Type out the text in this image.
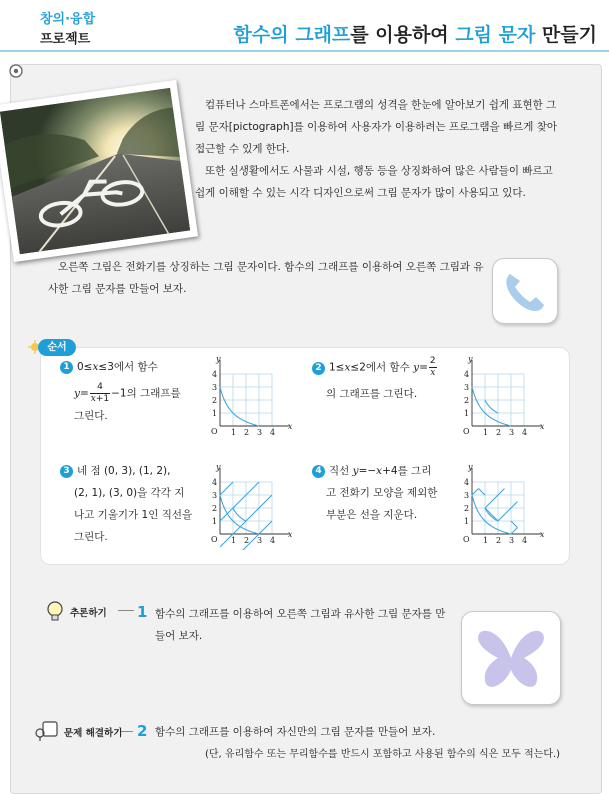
창의·융합
프로젝트	함수의 그래프를 이용하여 그림 문자 만들기

컴퓨터나 스마트폰에서는 프로그램의 성격을 한눈에 알아보기 쉽게 표현한 그림 문자[pictograph]를 이용하여 사용자가 이용하려는 프로그램을 빠르게 찾아 접근할 수 있게 한다.

또한 실생활에서도 사물과 시설, 행동 등을 상징화하여 많은 사람들이 빠르고 쉽게 이해할 수 있는 시각 디자인으로써 그림 문자가 많이 사용되고 있다.

오른쪽 그림은 전화기를 상징하는 그림 문자이다. 함수의 그래프를 이용하여 오른쪽 그림과 유사한 그림 문자를 만들어 보자.

순서
1 0≤x≤3에서 함수
$y= \frac{4}{x+1} -1$의 그래프를
그린다.
2 1≤x≤2에서 함수 $y= \frac{2}{x}$
의 그래프를 그린다.
3 네 점 (0, 3), (1, 2),
(2, 1), (3, 0)을 각각 지
나고 기울기가 1인 직선을
그린다.
4 직선 y=−x+4를 그리
고 전화기 모양을 제외한
부분은 선을 지운다.
O
x
y
1 2 3 4
1
2
3
4
O
x
y
1 2 3 4
1
2
3
4
O
x
y
1 2 3 4
1
2
3
4
O
x
y
1 2 3 4
1
2
3
4
추론하기 1 함수의 그래프를 이용하여 오른쪽 그림과 유사한 그림 문자를 만들어 보자.
문제 해결하기 2 함수의 그래프를 이용하여 자신만의 그림 문자를 만들어 보자.
(단, 유리함수 또는 무리함수를 반드시 포함하고 사용된 함수의 식은 모두 적는다.)
